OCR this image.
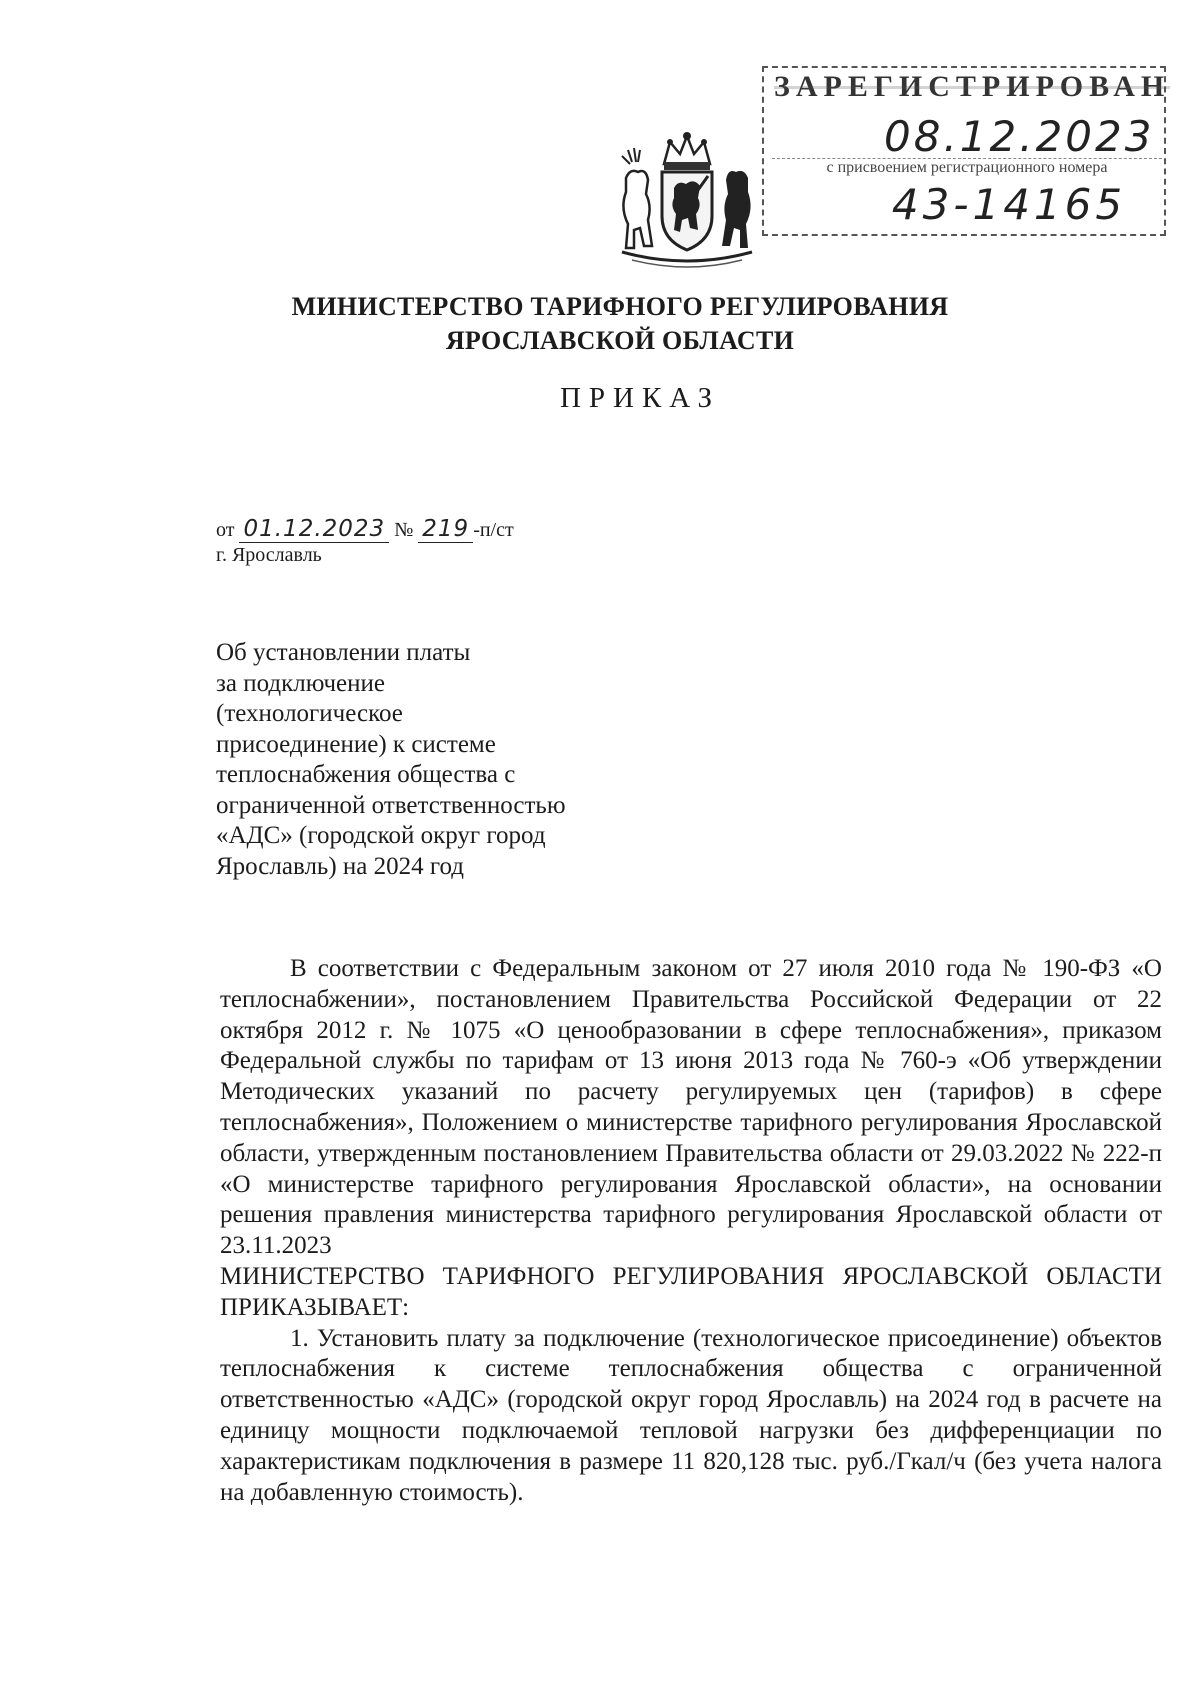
ЗАРЕГИСТРИРОВАН
08.12.2023
с присвоением регистрационного номера
43-14165
МИНИСТЕРСТВО ТАРИФНОГО РЕГУЛИРОВАНИЯ
ЯРОСЛАВСКОЙ ОБЛАСТИ
ПРИКАЗ
от 01.12.2023 № 219 -п/ст
г. Ярославль
Об установлении платы
за подключение
(технологическое
присоединение) к системе
теплоснабжения общества с
ограниченной ответственностью
«АДС» (городской округ город
Ярославль) на 2024 год

В соответствии с Федеральным законом от 27 июля 2010 года № 190-ФЗ «О теплоснабжении», постановлением Правительства Российской Федерации от 22 октября 2012 г. № 1075 «О ценообразовании в сфере теплоснабжения», приказом Федеральной службы по тарифам от 13 июня 2013 года № 760-э «Об утверждении Методических указаний по расчету регулируемых цен (тарифов) в сфере теплоснабжения», Положением о министерстве тарифного регулирования Ярославской области, утвержденным постановлением Правительства области от 29.03.2022 № 222-п «О министерстве тарифного регулирования Ярославской области», на основании решения правления министерства тарифного регулирования Ярославской области от 23.11.2023

МИНИСТЕРСТВО ТАРИФНОГО РЕГУЛИРОВАНИЯ ЯРОСЛАВСКОЙ ОБЛАСТИ ПРИКАЗЫВАЕТ:

1. Установить плату за подключение (технологическое присоединение) объектов теплоснабжения к системе теплоснабжения общества с ограниченной ответственностью «АДС» (городской округ город Ярославль) на 2024 год в расчете на единицу мощности подключаемой тепловой нагрузки без дифференциации по характеристикам подключения в размере 11 820,128 тыс. руб./Гкал/ч (без учета налога на добавленную стоимость).
